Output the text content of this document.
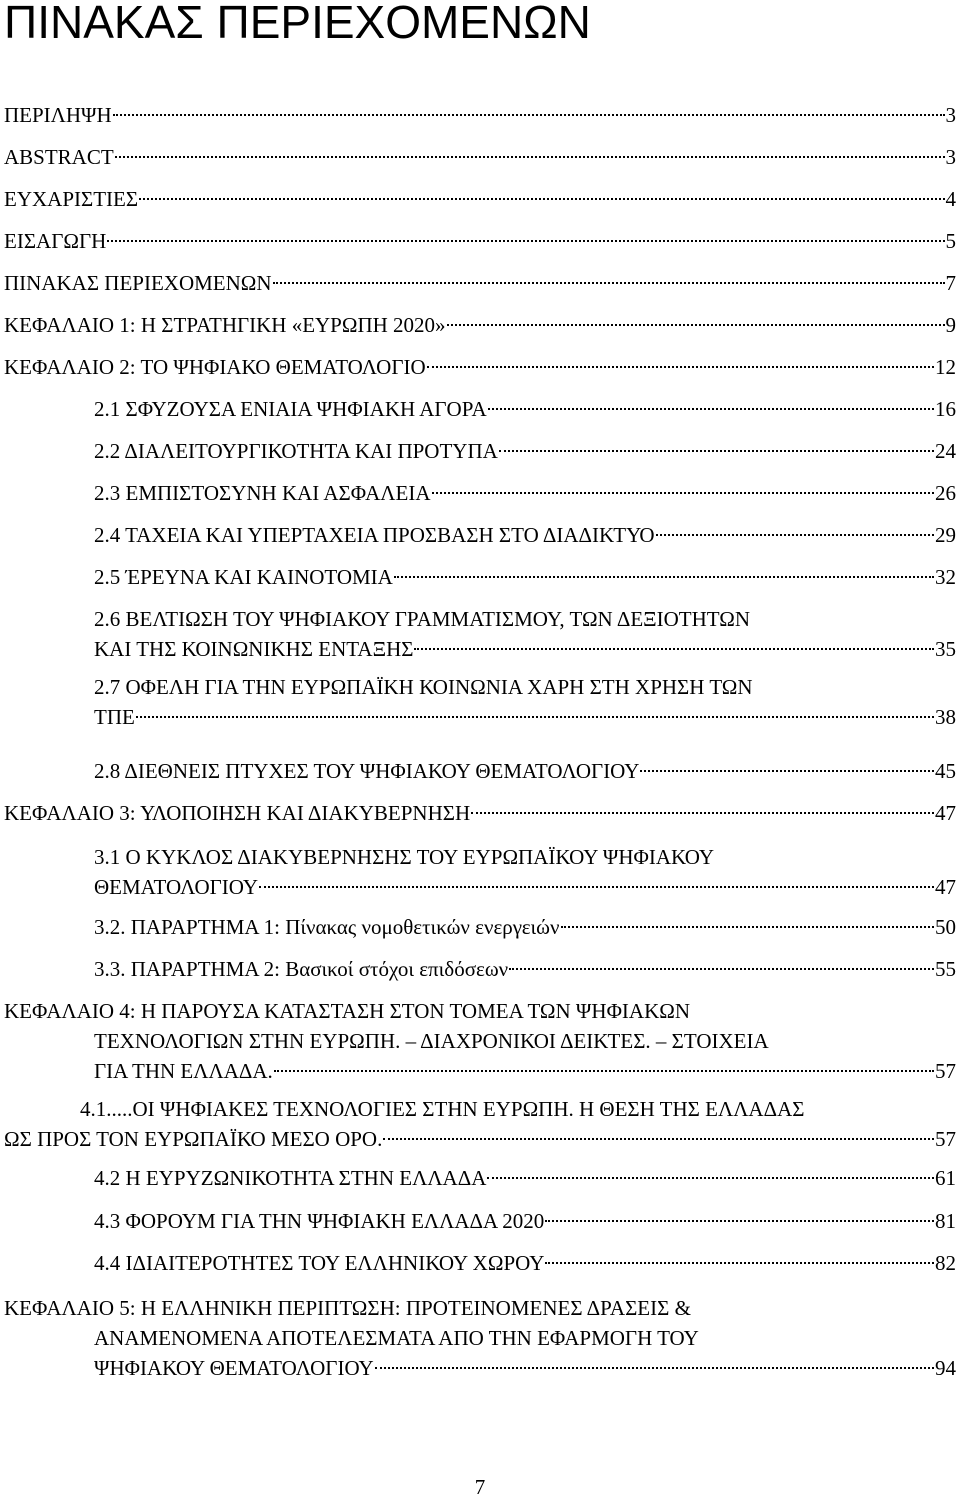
ΠΙΝΑΚΑΣ ΠΕΡΙΕΧΟΜΕΝΩΝ
ΠΕΡΙΛΗΨΗ	3
ABSTRACT	3
ΕΥΧΑΡΙΣΤΙΕΣ	4
ΕΙΣΑΓΩΓΗ	5
ΠΙΝΑΚΑΣ ΠΕΡΙΕΧΟΜΕΝΩΝ	7
ΚΕΦΑΛΑΙΟ 1: Η ΣΤΡΑΤΗΓΙΚΗ «ΕΥΡΩΠΗ 2020»	9
ΚΕΦΑΛΑΙΟ 2: ΤΟ ΨΗΦΙΑΚΟ ΘΕΜΑΤΟΛΟΓΙΟ	12
2.1 ΣΦΥΖΟΥΣΑ ΕΝΙΑΙΑ ΨΗΦΙΑΚΗ ΑΓΟΡΑ	16
2.2 ΔΙΑΛΕΙΤΟΥΡΓΙΚΟΤΗΤΑ ΚΑΙ ΠΡΟΤΥΠΑ	24
2.3 ΕΜΠΙΣΤΟΣΥΝΗ ΚΑΙ ΑΣΦΑΛΕΙΑ	26
2.4 ΤΑΧΕΙΑ ΚΑΙ ΥΠΕΡΤΑΧΕΙΑ ΠΡΟΣΒΑΣΗ ΣΤΟ ΔΙΑΔΙΚΤΥΟ	29
2.5 ΈΡΕΥΝΑ ΚΑΙ ΚΑΙΝΟΤΟΜΙΑ	32
2.6 ΒΕΛΤΙΩΣΗ ΤΟΥ ΨΗΦΙΑΚΟΥ ΓΡΑΜΜΑΤΙΣΜΟΥ, ΤΩΝ ΔΕΞΙΟΤΗΤΩΝ
ΚΑΙ ΤΗΣ ΚΟΙΝΩΝΙΚΗΣ ΕΝΤΑΞΗΣ	35
2.7 ΟΦΕΛΗ ΓΙΑ ΤΗΝ ΕΥΡΩΠΑΪΚΗ ΚΟΙΝΩΝΙΑ ΧΑΡΗ ΣΤΗ ΧΡΗΣΗ ΤΩΝ
ΤΠΕ	38
2.8 ΔΙΕΘΝΕΙΣ ΠΤΥΧΕΣ ΤΟΥ ΨΗΦΙΑΚΟΥ ΘΕΜΑΤΟΛΟΓΙΟΥ	45
ΚΕΦΑΛΑΙΟ 3: ΥΛΟΠΟΙΗΣΗ ΚΑΙ ΔΙΑΚΥΒΕΡΝΗΣΗ	47
3.1 Ο ΚΥΚΛΟΣ ΔΙΑΚΥΒΕΡΝΗΣΗΣ ΤΟΥ ΕΥΡΩΠΑΪΚΟΥ ΨΗΦΙΑΚΟΥ
ΘΕΜΑΤΟΛΟΓΙΟΥ	47
3.2. ΠΑΡΑΡΤΗΜΑ 1: Πίνακας νομοθετικών ενεργειών	50
3.3. ΠΑΡΑΡΤΗΜΑ 2: Βασικοί στόχοι επιδόσεων	55
ΚΕΦΑΛΑΙΟ 4: Η ΠΑΡΟΥΣΑ ΚΑΤΑΣΤΑΣΗ ΣΤΟΝ ΤΟΜΕΑ ΤΩΝ ΨΗΦΙΑΚΩΝ
ΤΕΧΝΟΛΟΓΙΩΝ ΣΤΗΝ ΕΥΡΩΠΗ. – ΔΙΑΧΡΟΝΙΚΟΙ ΔΕΙΚΤΕΣ. – ΣΤΟΙΧΕΙΑ
ΓΙΑ ΤΗΝ ΕΛΛΑΔΑ.	57
4.1.....ΟΙ ΨΗΦΙΑΚΕΣ ΤΕΧΝΟΛΟΓΙΕΣ ΣΤΗΝ ΕΥΡΩΠΗ. Η ΘΕΣΗ ΤΗΣ ΕΛΛΑΔΑΣ
ΩΣ ΠΡΟΣ ΤΟΝ ΕΥΡΩΠΑΪΚΟ ΜΕΣΟ ΟΡΟ.	57
4.2 Η ΕΥΡΥΖΩΝΙΚΟΤΗΤΑ ΣΤΗΝ ΕΛΛΑΔΑ	61
4.3 ΦΟΡΟΥΜ ΓΙΑ ΤΗΝ ΨΗΦΙΑΚΗ ΕΛΛΑΔΑ 2020	81
4.4 ΙΔΙΑΙΤΕΡΟΤΗΤΕΣ ΤΟΥ ΕΛΛΗΝΙΚΟΥ ΧΩΡΟΥ	82
ΚΕΦΑΛΑΙΟ 5: Η ΕΛΛΗΝΙΚΗ ΠΕΡΙΠΤΩΣΗ: ΠΡΟΤΕΙΝΟΜΕΝΕΣ ΔΡΑΣΕΙΣ &
ΑΝΑΜΕΝΟΜΕΝΑ ΑΠΟΤΕΛΕΣΜΑΤΑ ΑΠΟ ΤΗΝ ΕΦΑΡΜΟΓΗ ΤΟΥ
ΨΗΦΙΑΚΟΥ ΘΕΜΑΤΟΛΟΓΙΟΥ	94
7
